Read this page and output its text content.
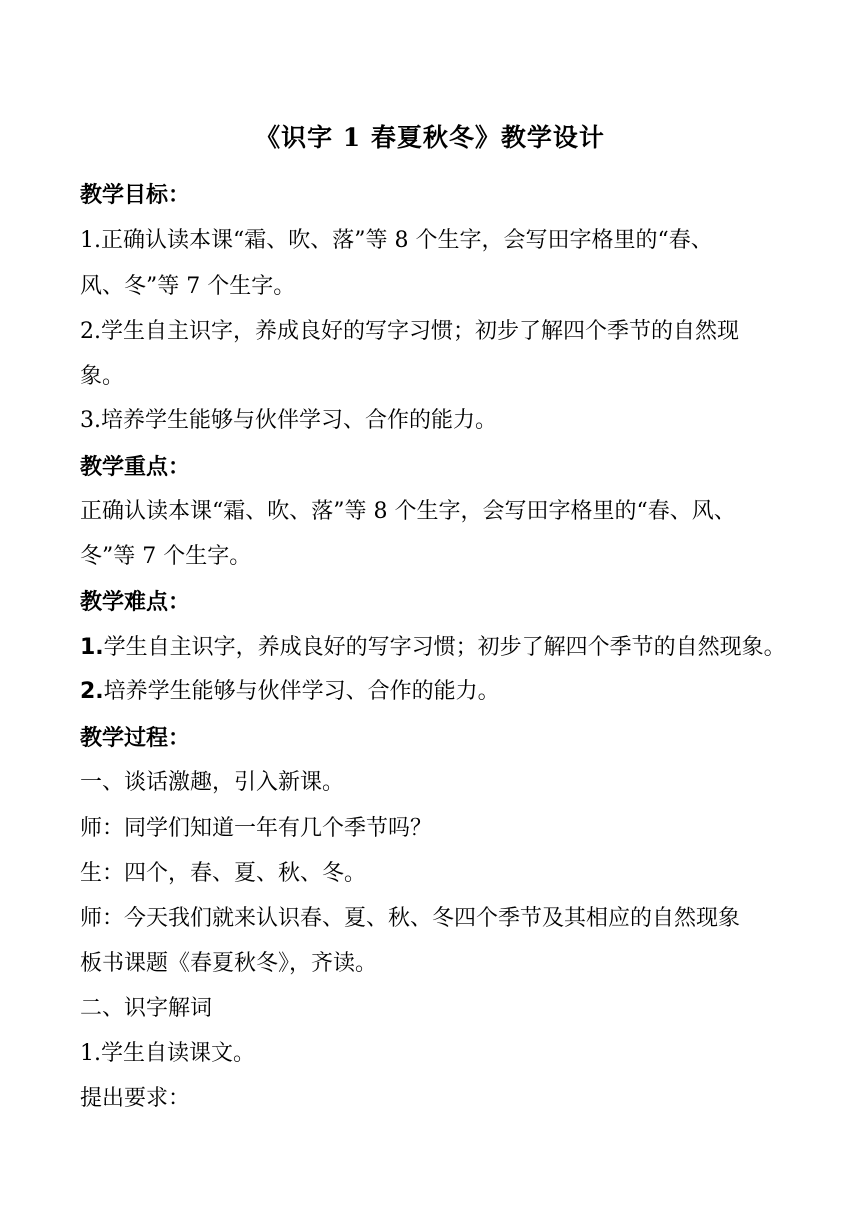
《识字 1 春夏秋冬》教学设计
教学目标：
1.正确认读本课“霜、吹、落”等 8 个生字，会写田字格里的“春、
风、冬”等 7 个生字。
2.学生自主识字，养成良好的写字习惯；初步了解四个季节的自然现
象。
3.培养学生能够与伙伴学习、合作的能力。
教学重点：
正确认读本课“霜、吹、落”等 8 个生字，会写田字格里的“春、风、
冬”等 7 个生字。
教学难点：
1.学生自主识字，养成良好的写字习惯；初步了解四个季节的自然现象。
2.培养学生能够与伙伴学习、合作的能力。
教学过程：
一、谈话激趣，引入新课。
师：同学们知道一年有几个季节吗？
生：四个，春、夏、秋、冬。
师：今天我们就来认识春、夏、秋、冬四个季节及其相应的自然现象
板书课题《春夏秋冬》，齐读。
二、识字解词
1.学生自读课文。
提出要求：
